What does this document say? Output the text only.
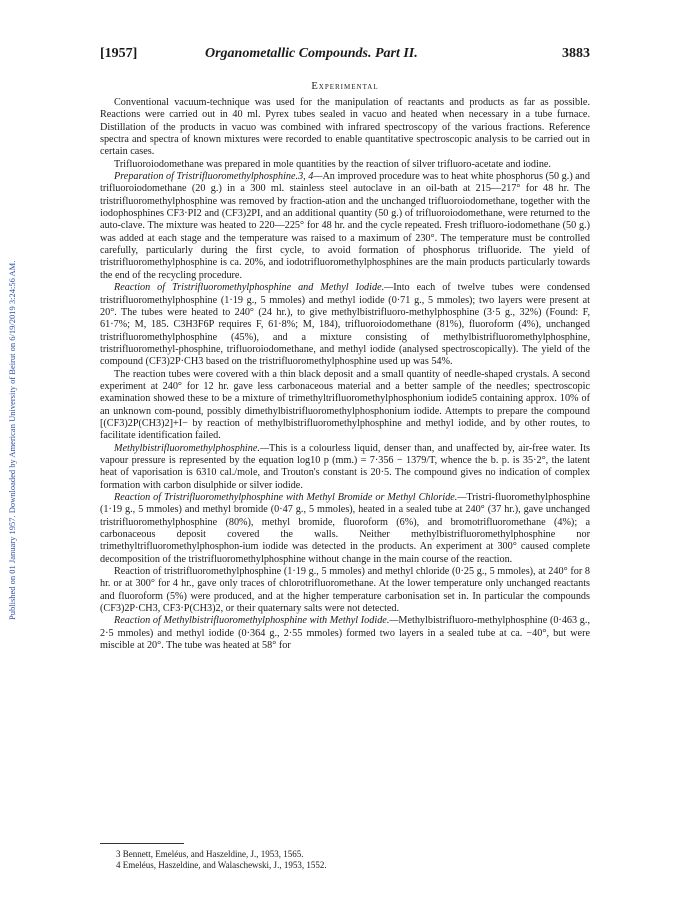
Published on 01 January 1957. Downloaded by American University of Beirut on 6/19/2019 3:24:56 AM.
[1957]	Organometallic Compounds. Part II.	3883
Experimental

Conventional vacuum-technique was used for the manipulation of reactants and products as far as possible. Reactions were carried out in 40 ml. Pyrex tubes sealed in vacuo and heated when necessary in a tube furnace. Distillation of the products in vacuo was combined with infrared spectroscopy of the various fractions. Reference spectra and spectra of known mixtures were recorded to enable quantitative spectroscopic analysis to be carried out in certain cases.

Trifluoroiodomethane was prepared in mole quantities by the reaction of silver trifluoro-acetate and iodine.

Preparation of Tristrifluoromethylphosphine.3, 4—An improved procedure was to heat white phosphorus (50 g.) and trifluoroiodomethane (20 g.) in a 300 ml. stainless steel autoclave in an oil-bath at 215—217° for 48 hr. The tristrifluoromethylphosphine was removed by fraction-ation and the unchanged trifluoroiodomethane, together with the iodophosphines CF3·PI2 and (CF3)2PI, and an additional quantity (50 g.) of trifluoroiodomethane, were returned to the auto-clave. The mixture was heated to 220—225° for 48 hr. and the cycle repeated. Fresh trifluoro-iodomethane (50 g.) was added at each stage and the temperature was raised to a maximum of 230°. The temperature must be controlled carefully, particularly during the first cycle, to avoid formation of phosphorus trifluoride. The yield of tristrifluoromethylphosphine is ca. 20%, and iodotrifluoromethylphosphines are the main products particularly towards the end of the recycling procedure.

Reaction of Tristrifluoromethylphosphine and Methyl Iodide.—Into each of twelve tubes were condensed tristrifluoromethylphosphine (1·19 g., 5 mmoles) and methyl iodide (0·71 g., 5 mmoles); two layers were present at 20°. The tubes were heated to 240° (24 hr.), to give methylbistrifluoro-methylphosphine (3·5 g., 32%) (Found: F, 61·7%; M, 185. C3H3F6P requires F, 61·8%; M, 184), trifluoroiodomethane (81%), fluoroform (4%), unchanged tristrifluoromethylphosphine (45%), and a mixture consisting of methylbistrifluoromethylphosphine, tristrifluoromethyl-phosphine, trifluoroiodomethane, and methyl iodide (analysed spectroscopically). The yield of the compound (CF3)2P·CH3 based on the tristrifluoromethylphosphine used up was 54%.

The reaction tubes were covered with a thin black deposit and a small quantity of needle-shaped crystals. A second experiment at 240° for 12 hr. gave less carbonaceous material and a better sample of the needles; spectroscopic examination showed these to be a mixture of trimethyltrifluoromethylphosphonium iodide5 containing approx. 10% of an unknown com-pound, possibly dimethylbistrifluoromethylphosphonium iodide. Attempts to prepare the compound [(CF3)2P(CH3)2]+I− by reaction of methylbistrifluoromethylphosphine and methyl iodide, and by other routes, to facilitate identification failed.

Methylbistrifluoromethylphosphine.—This is a colourless liquid, denser than, and unaffected by, air-free water. Its vapour pressure is represented by the equation log10 p (mm.) = 7·356 − 1379/T, whence the b. p. is 35·2°, the latent heat of vaporisation is 6310 cal./mole, and Trouton's constant is 20·5. The compound gives no indication of complex formation with carbon disulphide or silver iodide.

Reaction of Tristrifluoromethylphosphine with Methyl Bromide or Methyl Chloride.—Tristri-fluoromethylphosphine (1·19 g., 5 mmoles) and methyl bromide (0·47 g., 5 mmoles), heated in a sealed tube at 240° (37 hr.), gave unchanged tristrifluoromethylphosphine (80%), methyl bromide, fluoroform (6%), and bromotrifluoromethane (4%); a carbonaceous deposit covered the walls. Neither methylbistrifluoromethylphosphine nor trimethyltrifluoromethylphosphon-ium iodide was detected in the products. An experiment at 300° caused complete decomposition of the tristrifluoromethylphosphine without change in the main course of the reaction.

Reaction of tristrifluoromethylphosphine (1·19 g., 5 mmoles) and methyl chloride (0·25 g., 5 mmoles), at 240° for 8 hr. or at 300° for 4 hr., gave only traces of chlorotrifluoromethane. At the lower temperature only unchanged reactants and fluoroform (5%) were produced, and at the higher temperature carbonisation set in. In particular the compounds (CF3)2P·CH3, CF3·P(CH3)2, or their quaternary salts were not detected.

Reaction of Methylbistrifluoromethylphosphine with Methyl Iodide.—Methylbistrifluoro-methylphosphine (0·463 g., 2·5 mmoles) and methyl iodide (0·364 g., 2·55 mmoles) formed two layers in a sealed tube at ca. −40°, but were miscible at 20°. The tube was heated at 58° for

3 Bennett, Emeléus, and Haszeldine, J., 1953, 1565.
4 Emeléus, Haszeldine, and Walaschewski, J., 1953, 1552.
